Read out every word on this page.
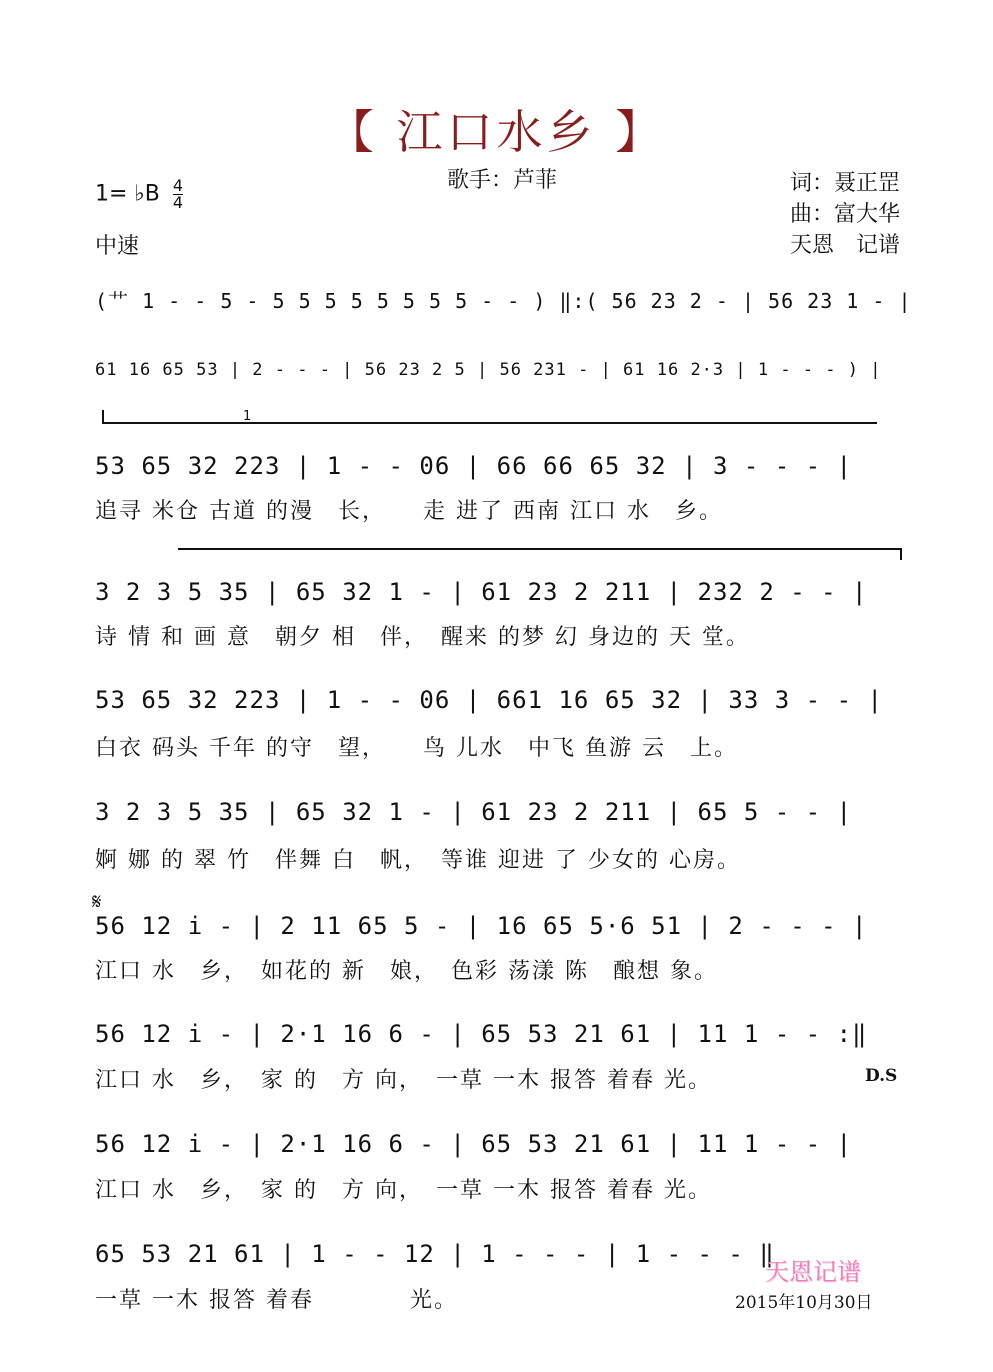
【 江口水乡 】
歌手：芦菲	词：聂正罡
曲：富大华
天恩　记谱
1= ♭B $\frac{4}{4}$
中速
(艹 1 - - 5 - 5 5 5 5 5 5 5 5 - - ) ‖:( 56 23 2 - | 56 23 1 - |
61 16 65 53 | 2 - - - | 56 23 2 5 | 56 231 - | 61 16 2·3 | 1 - - - ) |
53 65 32 223 | 1 - - 06 | 66 66 65 32 | 3 - - - |
追寻 米仓 古道 的漫　长，　　走 进了 西南 江口 水　乡。
3 2 3 5 35 | 65 32 1 - | 61 23 2 211 | 232 2 - - |
诗 情 和 画 意　朝夕 相　伴，　醒来 的梦 幻 身边的 天 堂。
53 65 32 223 | 1 - - 06 | 661 16 65 32 | 33 3 - - |
白衣 码头 千年 的守　望，　　鸟 儿水　中飞 鱼游 云　上。
3 2 3 5 35 | 65 32 1 - | 61 23 2 211 | 65 5 - - |
婀 娜 的 翠 竹　伴舞 白　帆，　等谁 迎进 了 少女的 心房。
56 12 i - | 2 11 65 5 - | 16 65 5·6 51 | 2 - - - |
江口 水　乡，　如花的 新　娘，　色彩 荡漾 陈　酿想 象。
56 12 i - | 2·1 16 6 - | 65 53 21 61 | 11 1 - - :‖
江口 水　乡，　家 的　方 向，　一草 一木 报答 着春 光。
56 12 i - | 2·1 16 6 - | 65 53 21 61 | 11 1 - - |
江口 水　乡，　家 的　方 向，　一草 一木 报答 着春 光。
65 53 21 61 | 1 - - 12 | 1 - - - | 1 - - - ‖
一草 一木 报答 着春　　　　光。
1
𝄋
D.S
天恩记谱
2015年10月30日
